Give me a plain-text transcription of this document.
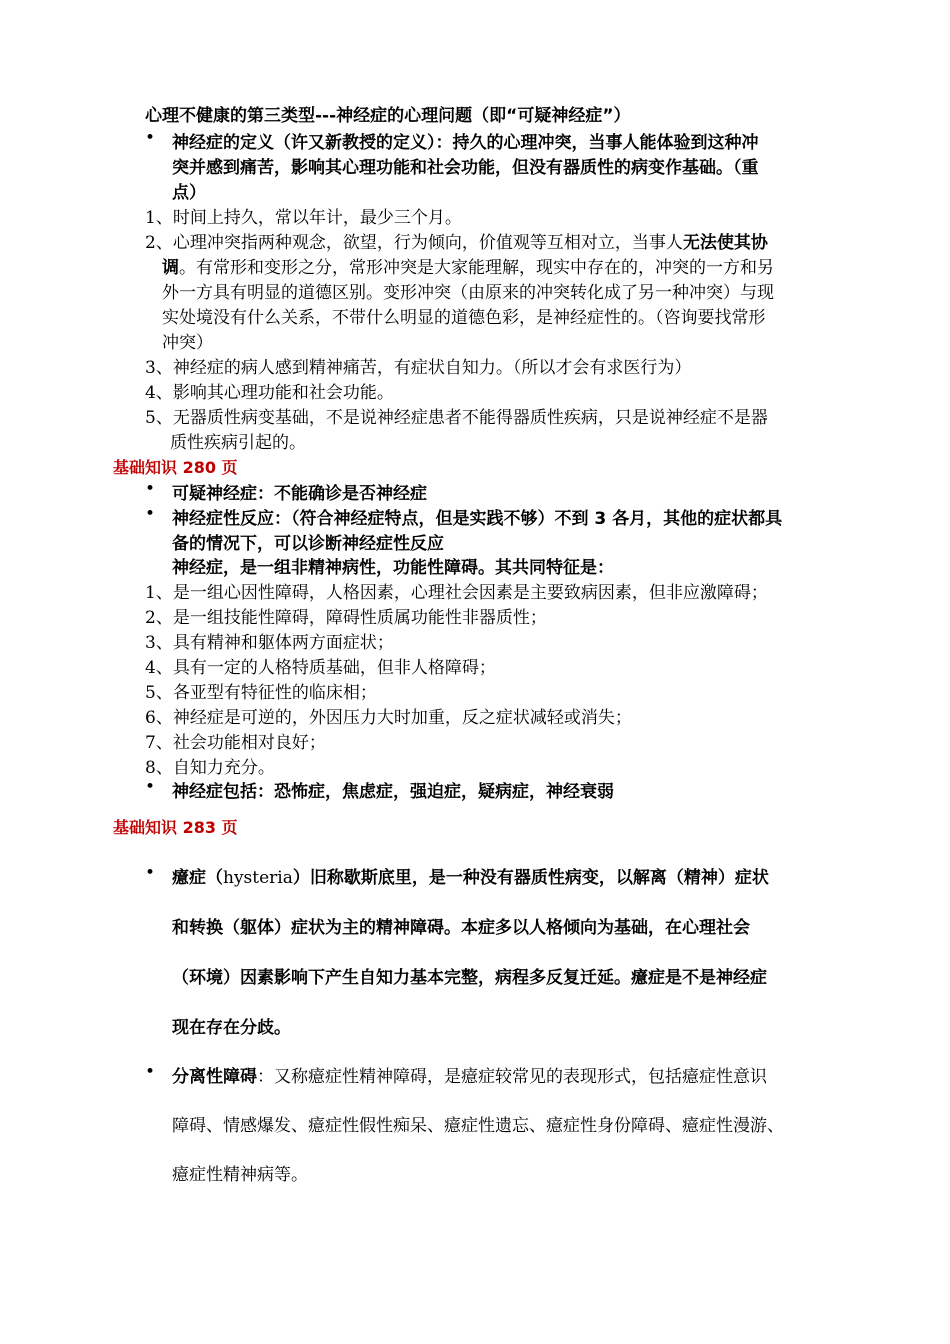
心理不健康的第三类型---神经症的心理问题（即“可疑神经症”）
• 神经症的定义（许又新教授的定义）：持久的心理冲突，当事人能体验到这种冲
突并感到痛苦，影响其心理功能和社会功能，但没有器质性的病变作基础。（重
点）
1、时间上持久，常以年计，最少三个月。
2、心理冲突指两种观念，欲望，行为倾向，价值观等互相对立，当事人无法使其协
调。有常形和变形之分，常形冲突是大家能理解，现实中存在的，冲突的一方和另
外一方具有明显的道德区别。变形冲突（由原来的冲突转化成了另一种冲突）与现
实处境没有什么关系，不带什么明显的道德色彩，是神经症性的。（咨询要找常形
冲突）
3、神经症的病人感到精神痛苦，有症状自知力。（所以才会有求医行为）
4、影响其心理功能和社会功能。
5、无器质性病变基础，不是说神经症患者不能得器质性疾病，只是说神经症不是器
质性疾病引起的。
基础知识 280 页
• 可疑神经症：不能确诊是否神经症
• 神经症性反应：（符合神经症特点，但是实践不够）不到 3 各月，其他的症状都具
备的情况下，可以诊断神经症性反应
神经症，是一组非精神病性，功能性障碍。其共同特征是：
1、是一组心因性障碍，人格因素，心理社会因素是主要致病因素，但非应激障碍；
2、是一组技能性障碍，障碍性质属功能性非器质性；
3、具有精神和躯体两方面症状；
4、具有一定的人格特质基础，但非人格障碍；
5、各亚型有特征性的临床相；
6、神经症是可逆的，外因压力大时加重，反之症状减轻或消失；
7、社会功能相对良好；
8、自知力充分。
• 神经症包括：恐怖症，焦虑症，强迫症，疑病症，神经衰弱
基础知识 283 页
• 癔症（hysteria）旧称歇斯底里，是一种没有器质性病变，以解离（精神）症状
和转换（躯体）症状为主的精神障碍。本症多以人格倾向为基础，在心理社会
（环境）因素影响下产生自知力基本完整，病程多反复迁延。癔症是不是神经症
现在存在分歧。
• 分离性障碍：又称癔症性精神障碍，是癔症较常见的表现形式，包括癔症性意识
障碍、情感爆发、癔症性假性痴呆、癔症性遗忘、癔症性身份障碍、癔症性漫游、
癔症性精神病等。
